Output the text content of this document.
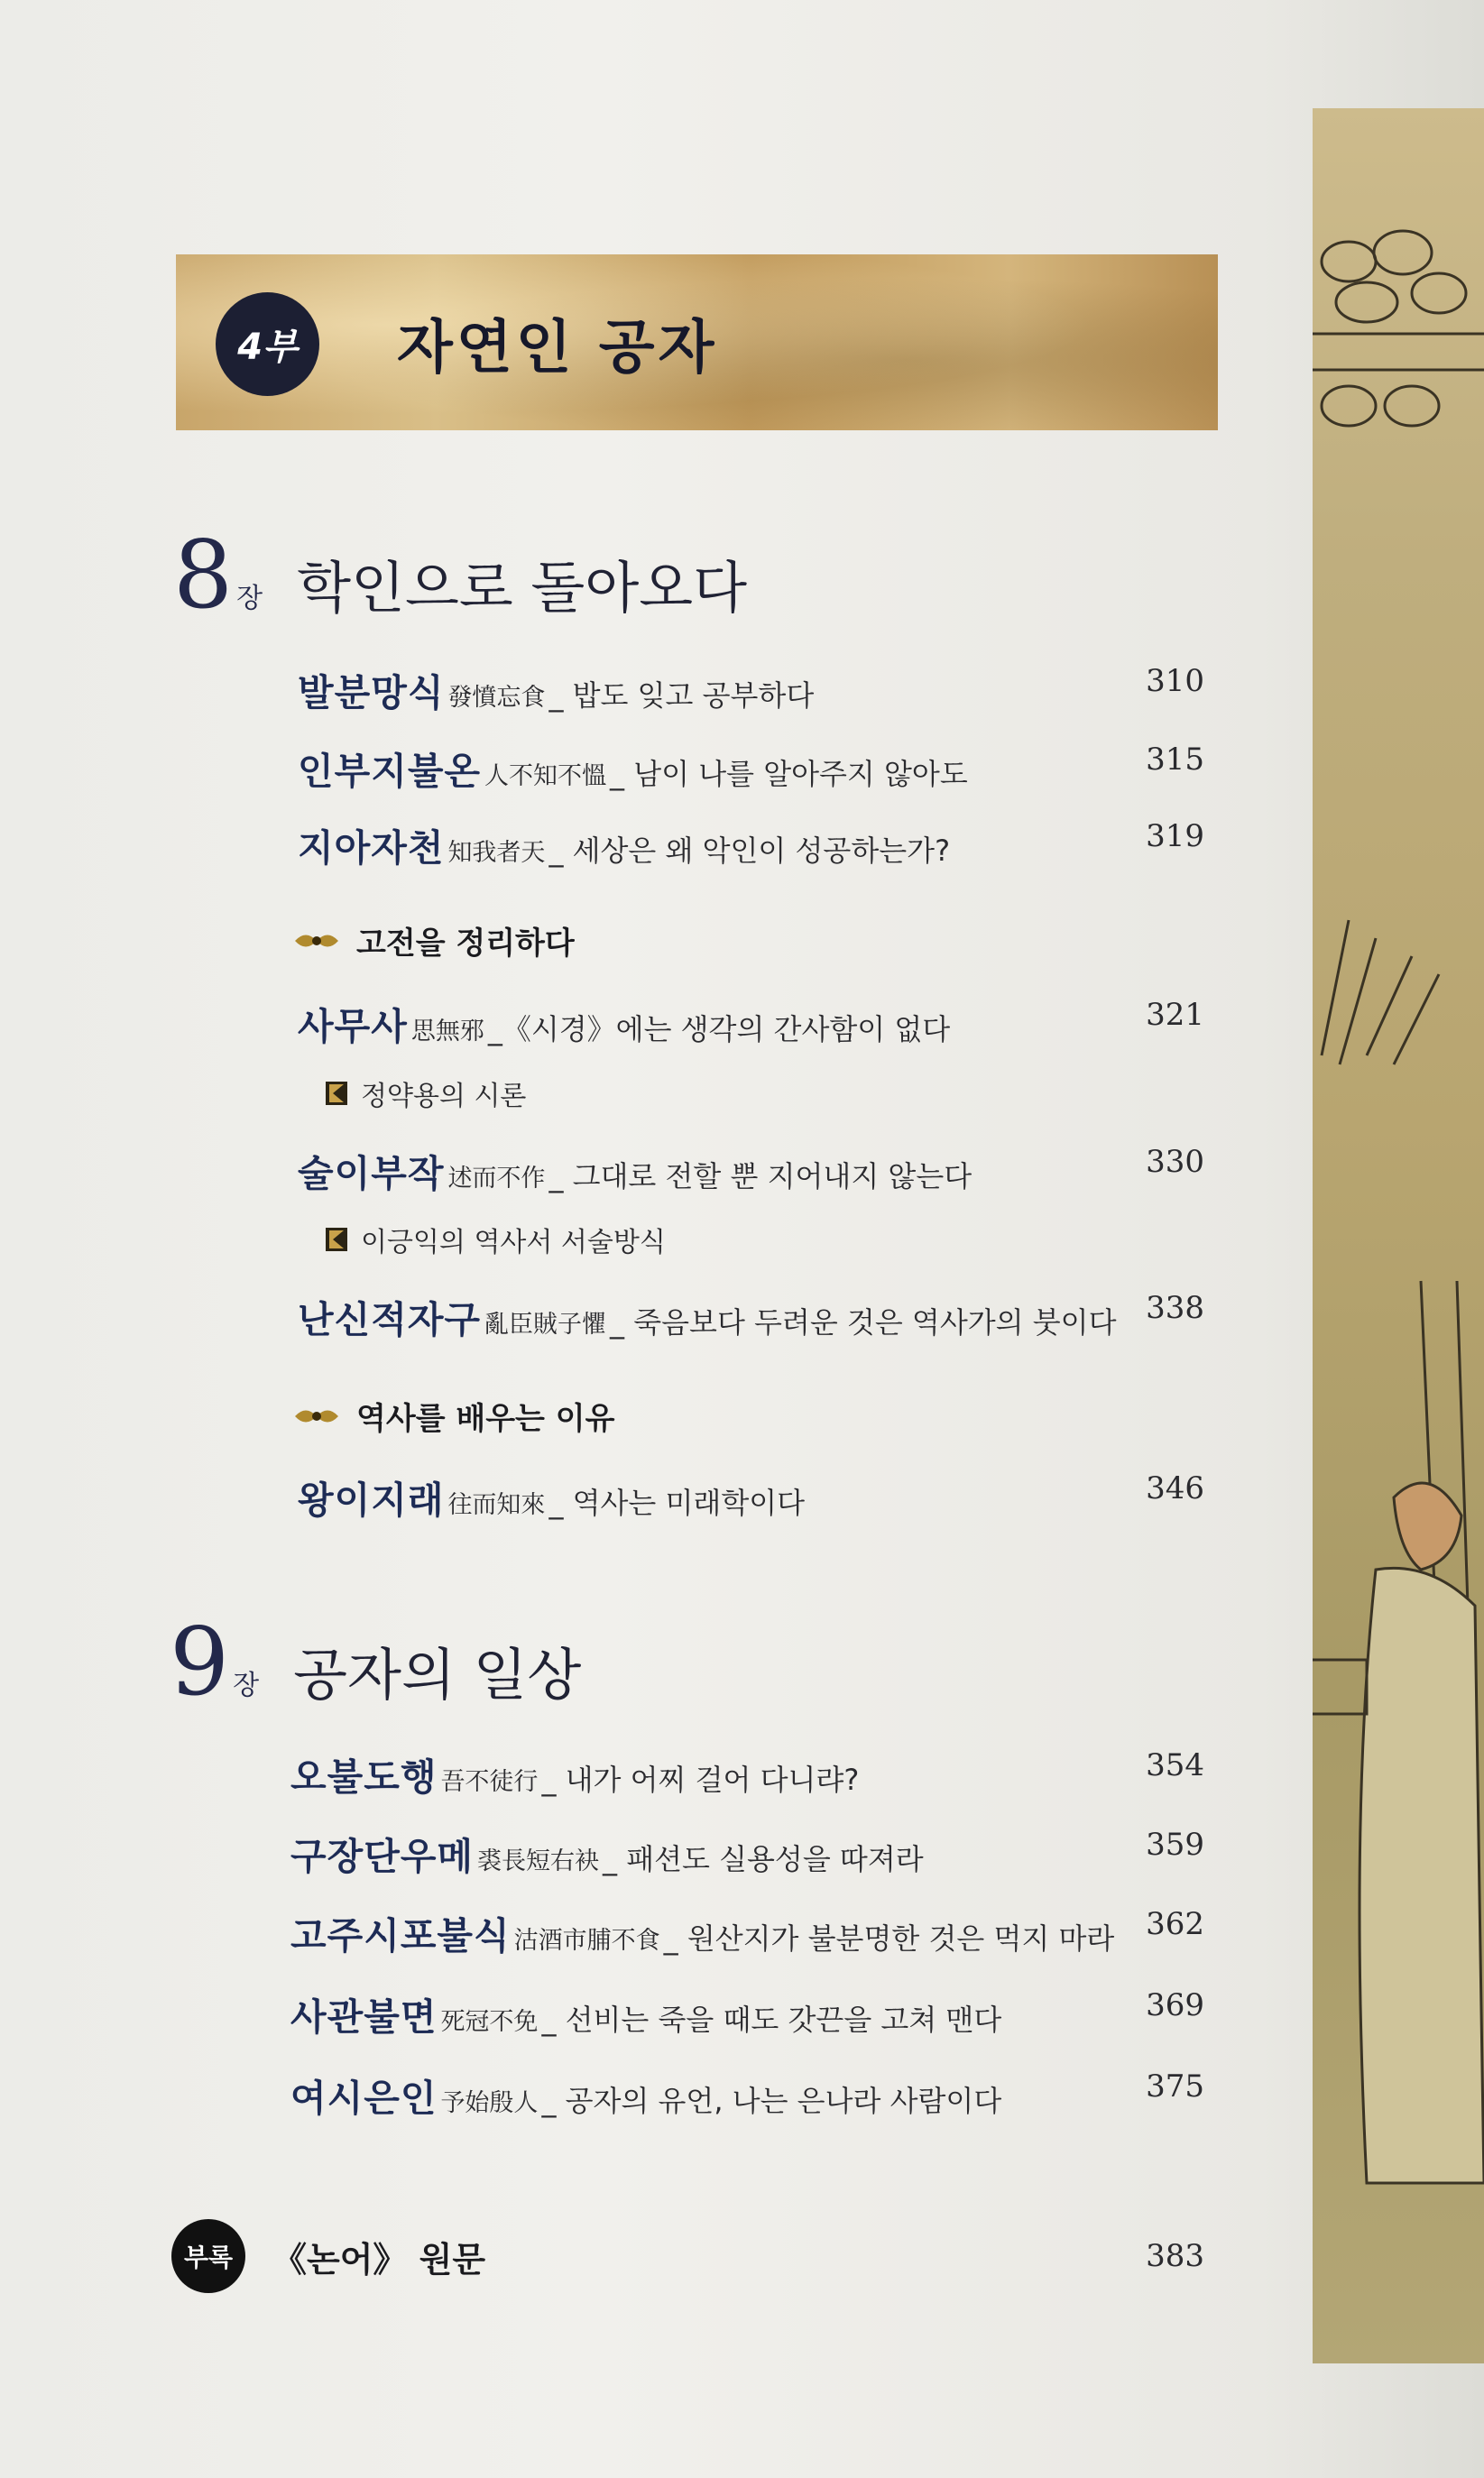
4부	자연인 공자
8 장 학인으로 돌아오다
발분망식 發憤忘食 _ 밥도 잊고 공부하다	310
인부지불온 人不知不慍 _ 남이 나를 알아주지 않아도	315
지아자천 知我者天 _ 세상은 왜 악인이 성공하는가?	319
고전을 정리하다
사무사 思無邪 _《시경》에는 생각의 간사함이 없다	321
정약용의 시론
술이부작 述而不作 _ 그대로 전할 뿐 지어내지 않는다	330
이긍익의 역사서 서술방식
난신적자구 亂臣賊子懼 _ 죽음보다 두려운 것은 역사가의 붓이다 338
역사를 배우는 이유
왕이지래 往而知來 _ 역사는 미래학이다	346
9 장 공자의 일상
오불도행 吾不徒行 _ 내가 어찌 걸어 다니랴?	354
구장단우메 裘長短右袂 _ 패션도 실용성을 따져라	359
고주시포불식 沽酒市脯不食 _ 원산지가 불분명한 것은 먹지 마라 362
사관불면 死冠不免 _ 선비는 죽을 때도 갓끈을 고쳐 맨다	369
여시은인 予始殷人 _ 공자의 유언, 나는 은나라 사람이다	375
부록	《논어》 원문	383
